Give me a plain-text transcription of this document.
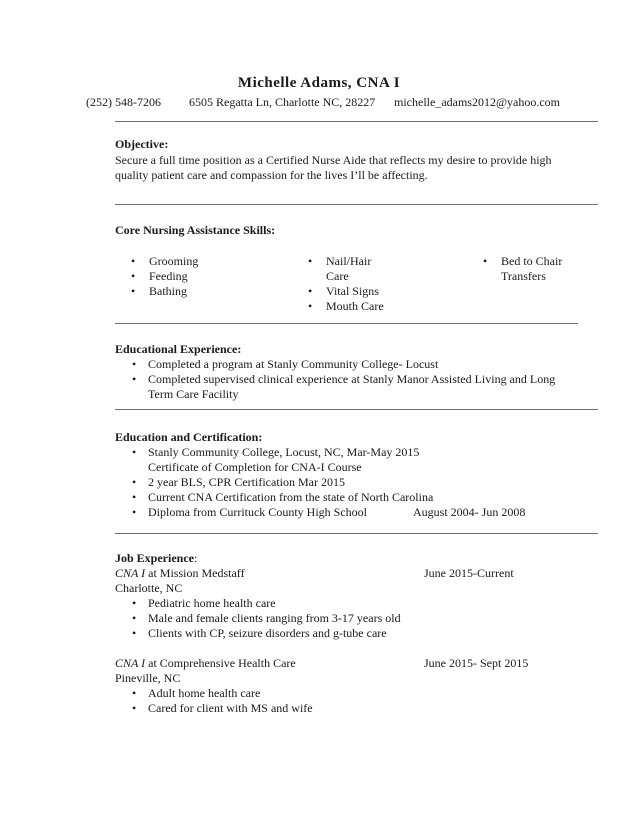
Michelle Adams, CNA I
(252) 548-7206 6505 Regatta Ln, Charlotte NC, 28227 michelle_adams2012@yahoo.com
Objective:
Secure a full time position as a Certified Nurse Aide that reflects my desire to provide high
quality patient care and compassion for the lives I’ll be affecting.
Core Nursing Assistance Skills:
• Grooming
• Feeding
• Bathing
• Nail/Hair
Care
• Vital Signs
• Mouth Care
• Bed to Chair
Transfers
Educational Experience:
• Completed a program at Stanly Community College- Locust
• Completed supervised clinical experience at Stanly Manor Assisted Living and Long
Term Care Facility
Education and Certification:
• Stanly Community College, Locust, NC, Mar-May 2015
Certificate of Completion for CNA-I Course
• 2 year BLS, CPR Certification Mar 2015
• Current CNA Certification from the state of North Carolina
• Diploma from Currituck County High School	August 2004- Jun 2008
Job Experience:
CNA I at Mission Medstaff	June 2015-Current
Charlotte, NC
• Pediatric home health care
• Male and female clients ranging from 3-17 years old
• Clients with CP, seizure disorders and g-tube care
CNA I at Comprehensive Health Care	June 2015- Sept 2015
Pineville, NC
• Adult home health care
• Cared for client with MS and wife
